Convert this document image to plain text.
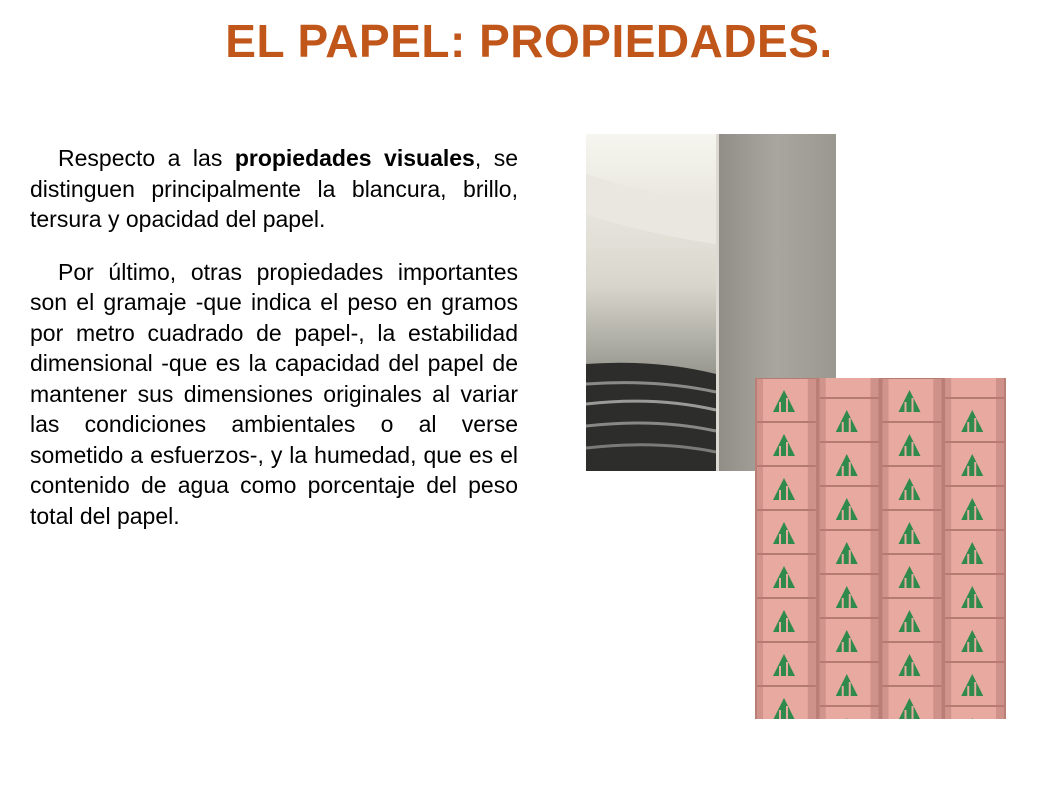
EL PAPEL: PROPIEDADES.

Respecto a las propiedades visuales, se distinguen principalmente la blancura, brillo, tersura y opacidad del papel.

Por último, otras propiedades importantes son el gramaje -que indica el peso en gramos por metro cuadrado de papel-, la estabilidad dimensional -que es la capacidad del papel de mantener sus dimensiones originales al variar las condiciones ambientales o al verse sometido a esfuerzos-, y la humedad, que es el contenido de agua como porcentaje del peso total del papel.
